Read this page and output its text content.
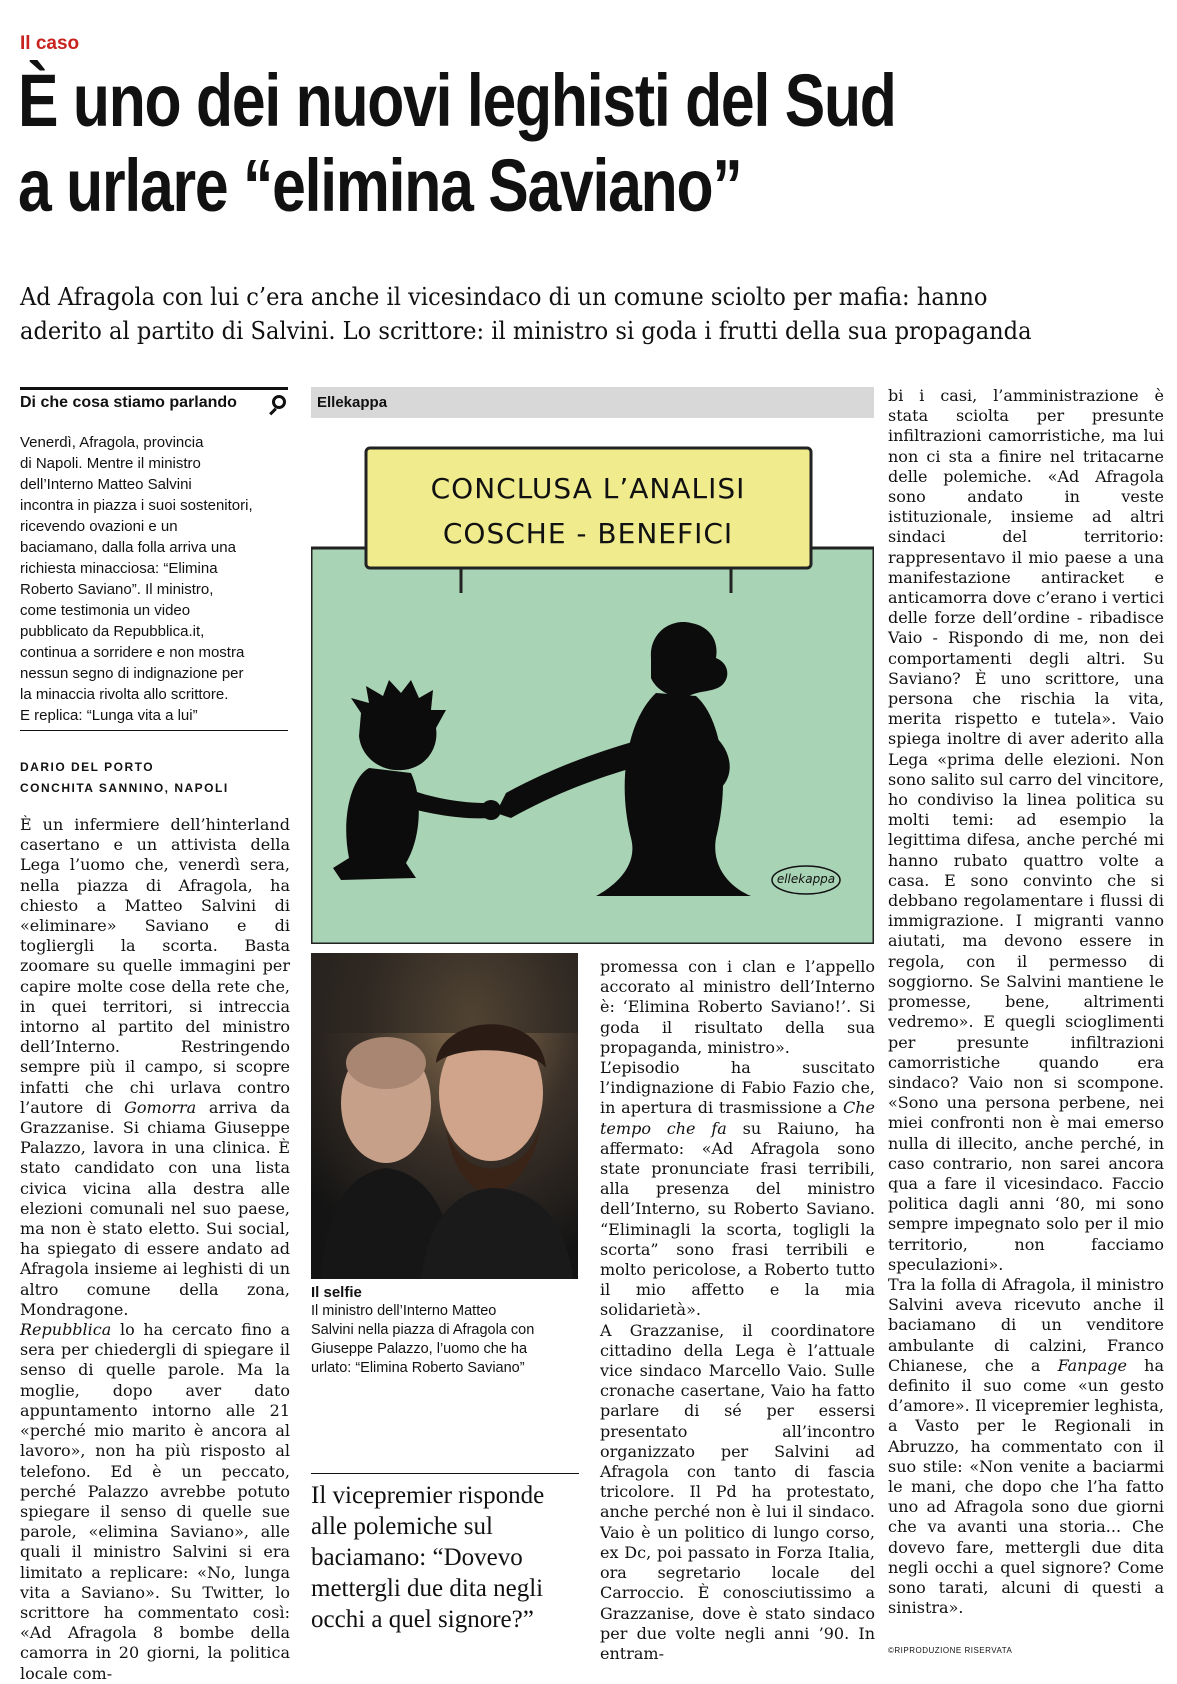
Il caso
È uno dei nuovi leghisti del Sud
a urlare “elimina Saviano”
Ad Afragola con lui c’era anche il vicesindaco di un comune sciolto per mafia: hanno
aderito al partito di Salvini. Lo scrittore: il ministro si goda i frutti della sua propaganda
Di che cosa stiamo parlando
Venerdì, Afragola, provincia
di Napoli. Mentre il ministro
dell’Interno Matteo Salvini
incontra in piazza i suoi sostenitori,
ricevendo ovazioni e un
baciamano, dalla folla arriva una
richiesta minacciosa: “Elimina
Roberto Saviano”. Il ministro,
come testimonia un video
pubblicato da Repubblica.it,
continua a sorridere e non mostra
nessun segno di indignazione per
la minaccia rivolta allo scrittore.
E replica: “Lunga vita a lui”
DARIO DEL PORTO
CONCHITA SANNINO, NAPOLI

È un infermiere dell’hinterland casertano e un attivista della Lega l’uomo che, venerdì sera, nella piazza di Afragola, ha chiesto a Matteo Salvini di «eliminare» Saviano e di togliergli la scorta. Basta zoomare su quelle immagini per capire molte cose della rete che, in quei territori, si intreccia intorno al partito del ministro dell’Interno. Restringendo sempre più il campo, si scopre infatti che chi urlava contro l’autore di Gomorra arriva da Grazzanise. Si chiama Giuseppe Palazzo, lavora in una clinica. È stato candidato con una lista civica vicina alla destra alle elezioni comunali nel suo paese, ma non è stato eletto. Sui social, ha spiegato di essere andato ad Afragola insieme ai leghisti di un altro comune della zona, Mondragone.

Repubblica lo ha cercato fino a sera per chiedergli di spiegare il senso di quelle parole. Ma la moglie, dopo aver dato appuntamento intorno alle 21 «perché mio marito è ancora al lavoro», non ha più risposto al telefono. Ed è un peccato, perché Palazzo avrebbe potuto spiegare il senso di quelle sue parole, «elimina Saviano», alle quali il ministro Salvini si era limitato a replicare: «No, lunga vita a Saviano». Su Twitter, lo scrittore ha commentato così: «Ad Afragola 8 bombe della camorra in 20 giorni, la politica locale com-

Ellekappa
CONCLUSA L’ANALISI
COSCHE - BENEFICI
ellekappa
Il selfie
Il ministro dell’Interno Matteo
Salvini nella piazza di Afragola con
Giuseppe Palazzo, l’uomo che ha
urlato: “Elimina Roberto Saviano”
Il vicepremier risponde alle polemiche sul baciamano: “Dovevo mettergli due dita negli occhi a quel signore?”

promessa con i clan e l’appello accorato al ministro dell’Interno è: ‘Elimina Roberto Saviano!’. Si goda il risultato della sua propaganda, ministro».

L’episodio ha suscitato l’indignazione di Fabio Fazio che, in apertura di trasmissione a Che tempo che fa su Raiuno, ha affermato: «Ad Afragola sono state pronunciate frasi terribili, alla presenza del ministro dell’Interno, su Roberto Saviano. “Eliminagli la scorta, togligli la scorta” sono frasi terribili e molto pericolose, a Roberto tutto il mio affetto e la mia solidarietà».

A Grazzanise, il coordinatore cittadino della Lega è l’attuale vice sindaco Marcello Vaio. Sulle cronache casertane, Vaio ha fatto parlare di sé per essersi presentato all’incontro organizzato per Salvini ad Afragola con tanto di fascia tricolore. Il Pd ha protestato, anche perché non è lui il sindaco. Vaio è un politico di lungo corso, ex Dc, poi passato in Forza Italia, ora segretario locale del Carroccio. È conosciutissimo a Grazzanise, dove è stato sindaco per due volte negli anni ’90. In entram-

bi i casi, l’amministrazione è stata sciolta per presunte infiltrazioni camorristiche, ma lui non ci sta a finire nel tritacarne delle polemiche. «Ad Afragola sono andato in veste istituzionale, insieme ad altri sindaci del territorio: rappresentavo il mio paese a una manifestazione antiracket e anticamorra dove c’erano i vertici delle forze dell’ordine - ribadisce Vaio - Rispondo di me, non dei comportamenti degli altri. Su Saviano? È uno scrittore, una persona che rischia la vita, merita rispetto e tutela». Vaio spiega inoltre di aver aderito alla Lega «prima delle elezioni. Non sono salito sul carro del vincitore, ho condiviso la linea politica su molti temi: ad esempio la legittima difesa, anche perché mi hanno rubato quattro volte a casa. E sono convinto che si debbano regolamentare i flussi di immigrazione. I migranti vanno aiutati, ma devono essere in regola, con il permesso di soggiorno. Se Salvini mantiene le promesse, bene, altrimenti vedremo». E quegli scioglimenti per presunte infiltrazioni camorristiche quando era sindaco? Vaio non si scompone. «Sono una persona perbene, nei miei confronti non è mai emerso nulla di illecito, anche perché, in caso contrario, non sarei ancora qua a fare il vicesindaco. Faccio politica dagli anni ‘80, mi sono sempre impegnato solo per il mio territorio, non facciamo speculazioni».

Tra la folla di Afragola, il ministro Salvini aveva ricevuto anche il baciamano di un venditore ambulante di calzini, Franco Chianese, che a Fanpage ha definito il suo come «un gesto d’amore». Il vicepremier leghista, a Vasto per le Regionali in Abruzzo, ha commentato con il suo stile: «Non venite a baciarmi le mani, che dopo che l’ha fatto uno ad Afragola sono due giorni che va avanti una storia... Che dovevo fare, mettergli due dita negli occhi a quel signore? Come sono tarati, alcuni di questi a sinistra».

©RIPRODUZIONE RISERVATA
